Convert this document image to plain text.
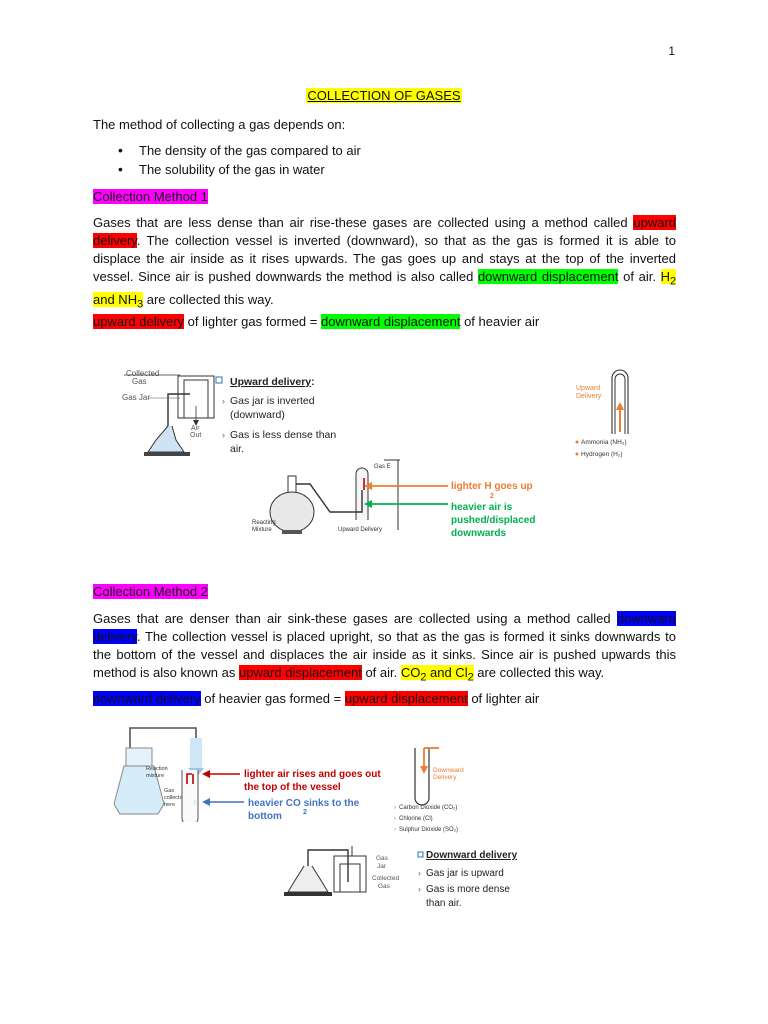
1
COLLECTION OF GASES
The method of collecting a gas depends on:
• The density of the gas compared to air
• The solubility of the gas in water
Collection Method 1
Gases that are less dense than air rise-these gases are collected using a method called upward delivery. The collection vessel is inverted (downward), so that as the gas is formed it is able to displace the air inside as it rises upwards. The gas goes up and stays at the top of the inverted vessel. Since air is pushed downwards the method is also called downward displacement of air. $H_2$ and $NH_3$ are collected this way.
upward delivery of lighter gas formed = downward displacement of heavier air
Collected
Gas
Gas Jar
Air
Out
Upward delivery:
› Gas jar is inverted
(downward)
› Gas is less dense than
air.
Upward
Delivery
Ammonia (NH₃)
Hydrogen (H₂)
Gas E
Reacting
Mixture	Upward Delivery
lighter H goes up
2
heavier air is
pushed/displaced
downwards
Collection Method 2
Gases that are denser than air sink-these gases are collected using a method called downward delivery. The collection vessel is placed upright, so that as the gas is formed it sinks downwards to the bottom of the vessel and displaces the air inside as it sinks. Since air is pushed upwards this method is also known as upward displacement of air. $CO_2$ and $Cl_2$ are collected this way.
downward delivery of heavier gas formed = upward displacement of lighter air
Reaction
mixture
Gas
collects
here	⋮
lighter air rises and goes out
the top of the vessel
heavier CO sinks to the
2
bottom
Downward
Delivery
› Carbon Dioxide (CO₂)
› Chlorine (Cl)
› Sulphur Dioxide (SO₂)
Gas
Jar
Collected
Gas
Downward delivery
› Gas jar is upward
› Gas is more dense
than air.
